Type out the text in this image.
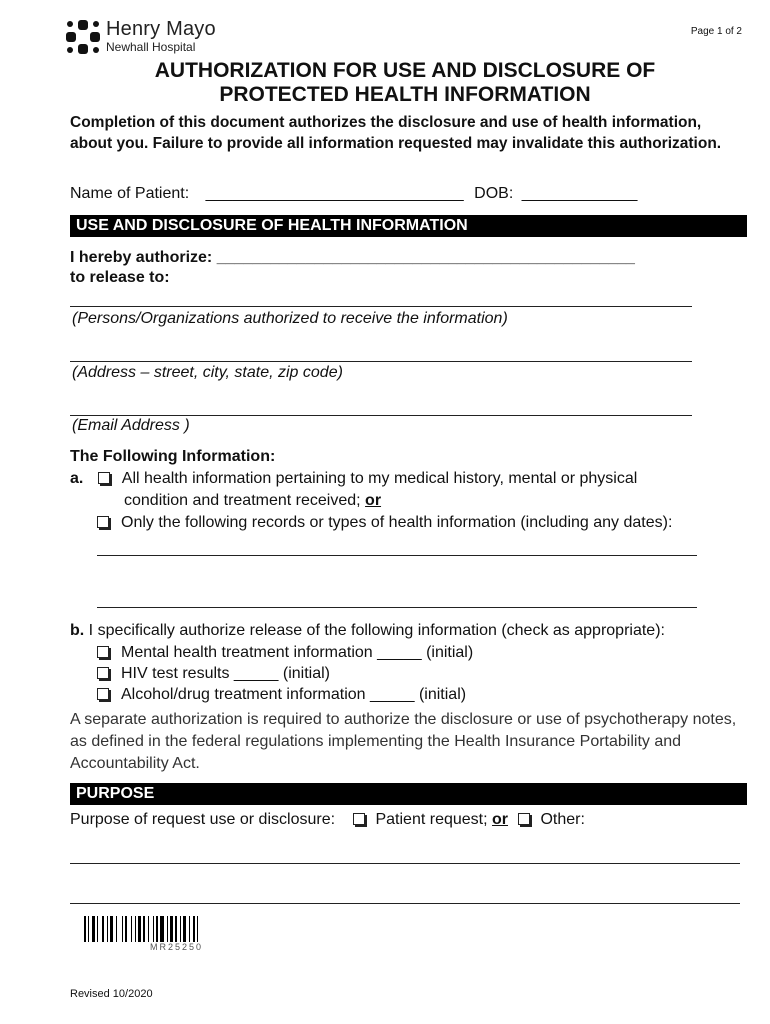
Henry Mayo
Newhall Hospital
Page 1 of 2
AUTHORIZATION FOR USE AND DISCLOSURE OF
PROTECTED HEALTH INFORMATION
Completion of this document authorizes the disclosure and use of health information, about you. Failure to provide all information requested may invalidate this authorization.
Name of Patient: _____________________________ DOB: _____________
USE AND DISCLOSURE OF HEALTH INFORMATION
I hereby authorize: _______________________________________________
to release to:
(Persons/Organizations authorized to receive the information)
(Address – street, city, state, zip code)
(Email Address )
The Following Information:
a. All health information pertaining to my medical history, mental or physical
condition and treatment received; or
Only the following records or types of health information (including any dates):
b. I specifically authorize release of the following information (check as appropriate):
Mental health treatment information _____ (initial)
HIV test results _____ (initial)
Alcohol/drug treatment information _____ (initial)
A separate authorization is required to authorize the disclosure or use of psychotherapy notes, as defined in the federal regulations implementing the Health Insurance Portability and Accountability Act.
PURPOSE
Purpose of request use or disclosure:	Patient request; or Other:
MR25250
Revised 10/2020
